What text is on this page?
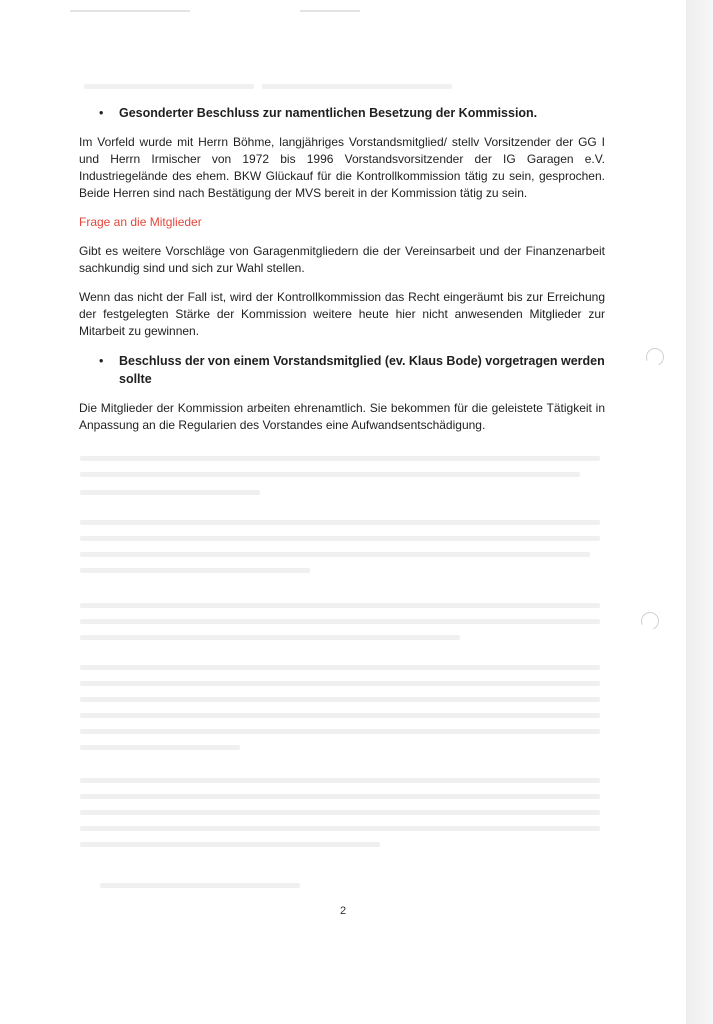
• Gesonderter Beschluss zur namentlichen Besetzung der Kommission.

Im Vorfeld wurde mit Herrn Böhme, langjähriges Vorstandsmitglied/ stellv Vorsitzender der GG I und Herrn Irmischer von 1972 bis 1996 Vorstandsvorsitzender der IG Garagen e.V. Industriegelände des ehem. BKW Glückauf für die Kontrollkommission tätig zu sein, gesprochen. Beide Herren sind nach Bestätigung der MVS bereit in der Kommission tätig zu sein.

Frage an die Mitglieder

Gibt es weitere Vorschläge von Garagenmitgliedern die der Vereinsarbeit und der Finanzenarbeit sachkundig sind und sich zur Wahl stellen.

Wenn das nicht der Fall ist, wird der Kontrollkommission das Recht eingeräumt bis zur Erreichung der festgelegten Stärke der Kommission weitere heute hier nicht anwesenden Mitglieder zur Mitarbeit zu gewinnen.

• Beschluss der von einem Vorstandsmitglied (ev. Klaus Bode) vorgetragen werden sollte

Die Mitglieder der Kommission arbeiten ehrenamtlich. Sie bekommen für die geleistete Tätigkeit in Anpassung an die Regularien des Vorstandes eine Aufwandsentschädigung.

2
